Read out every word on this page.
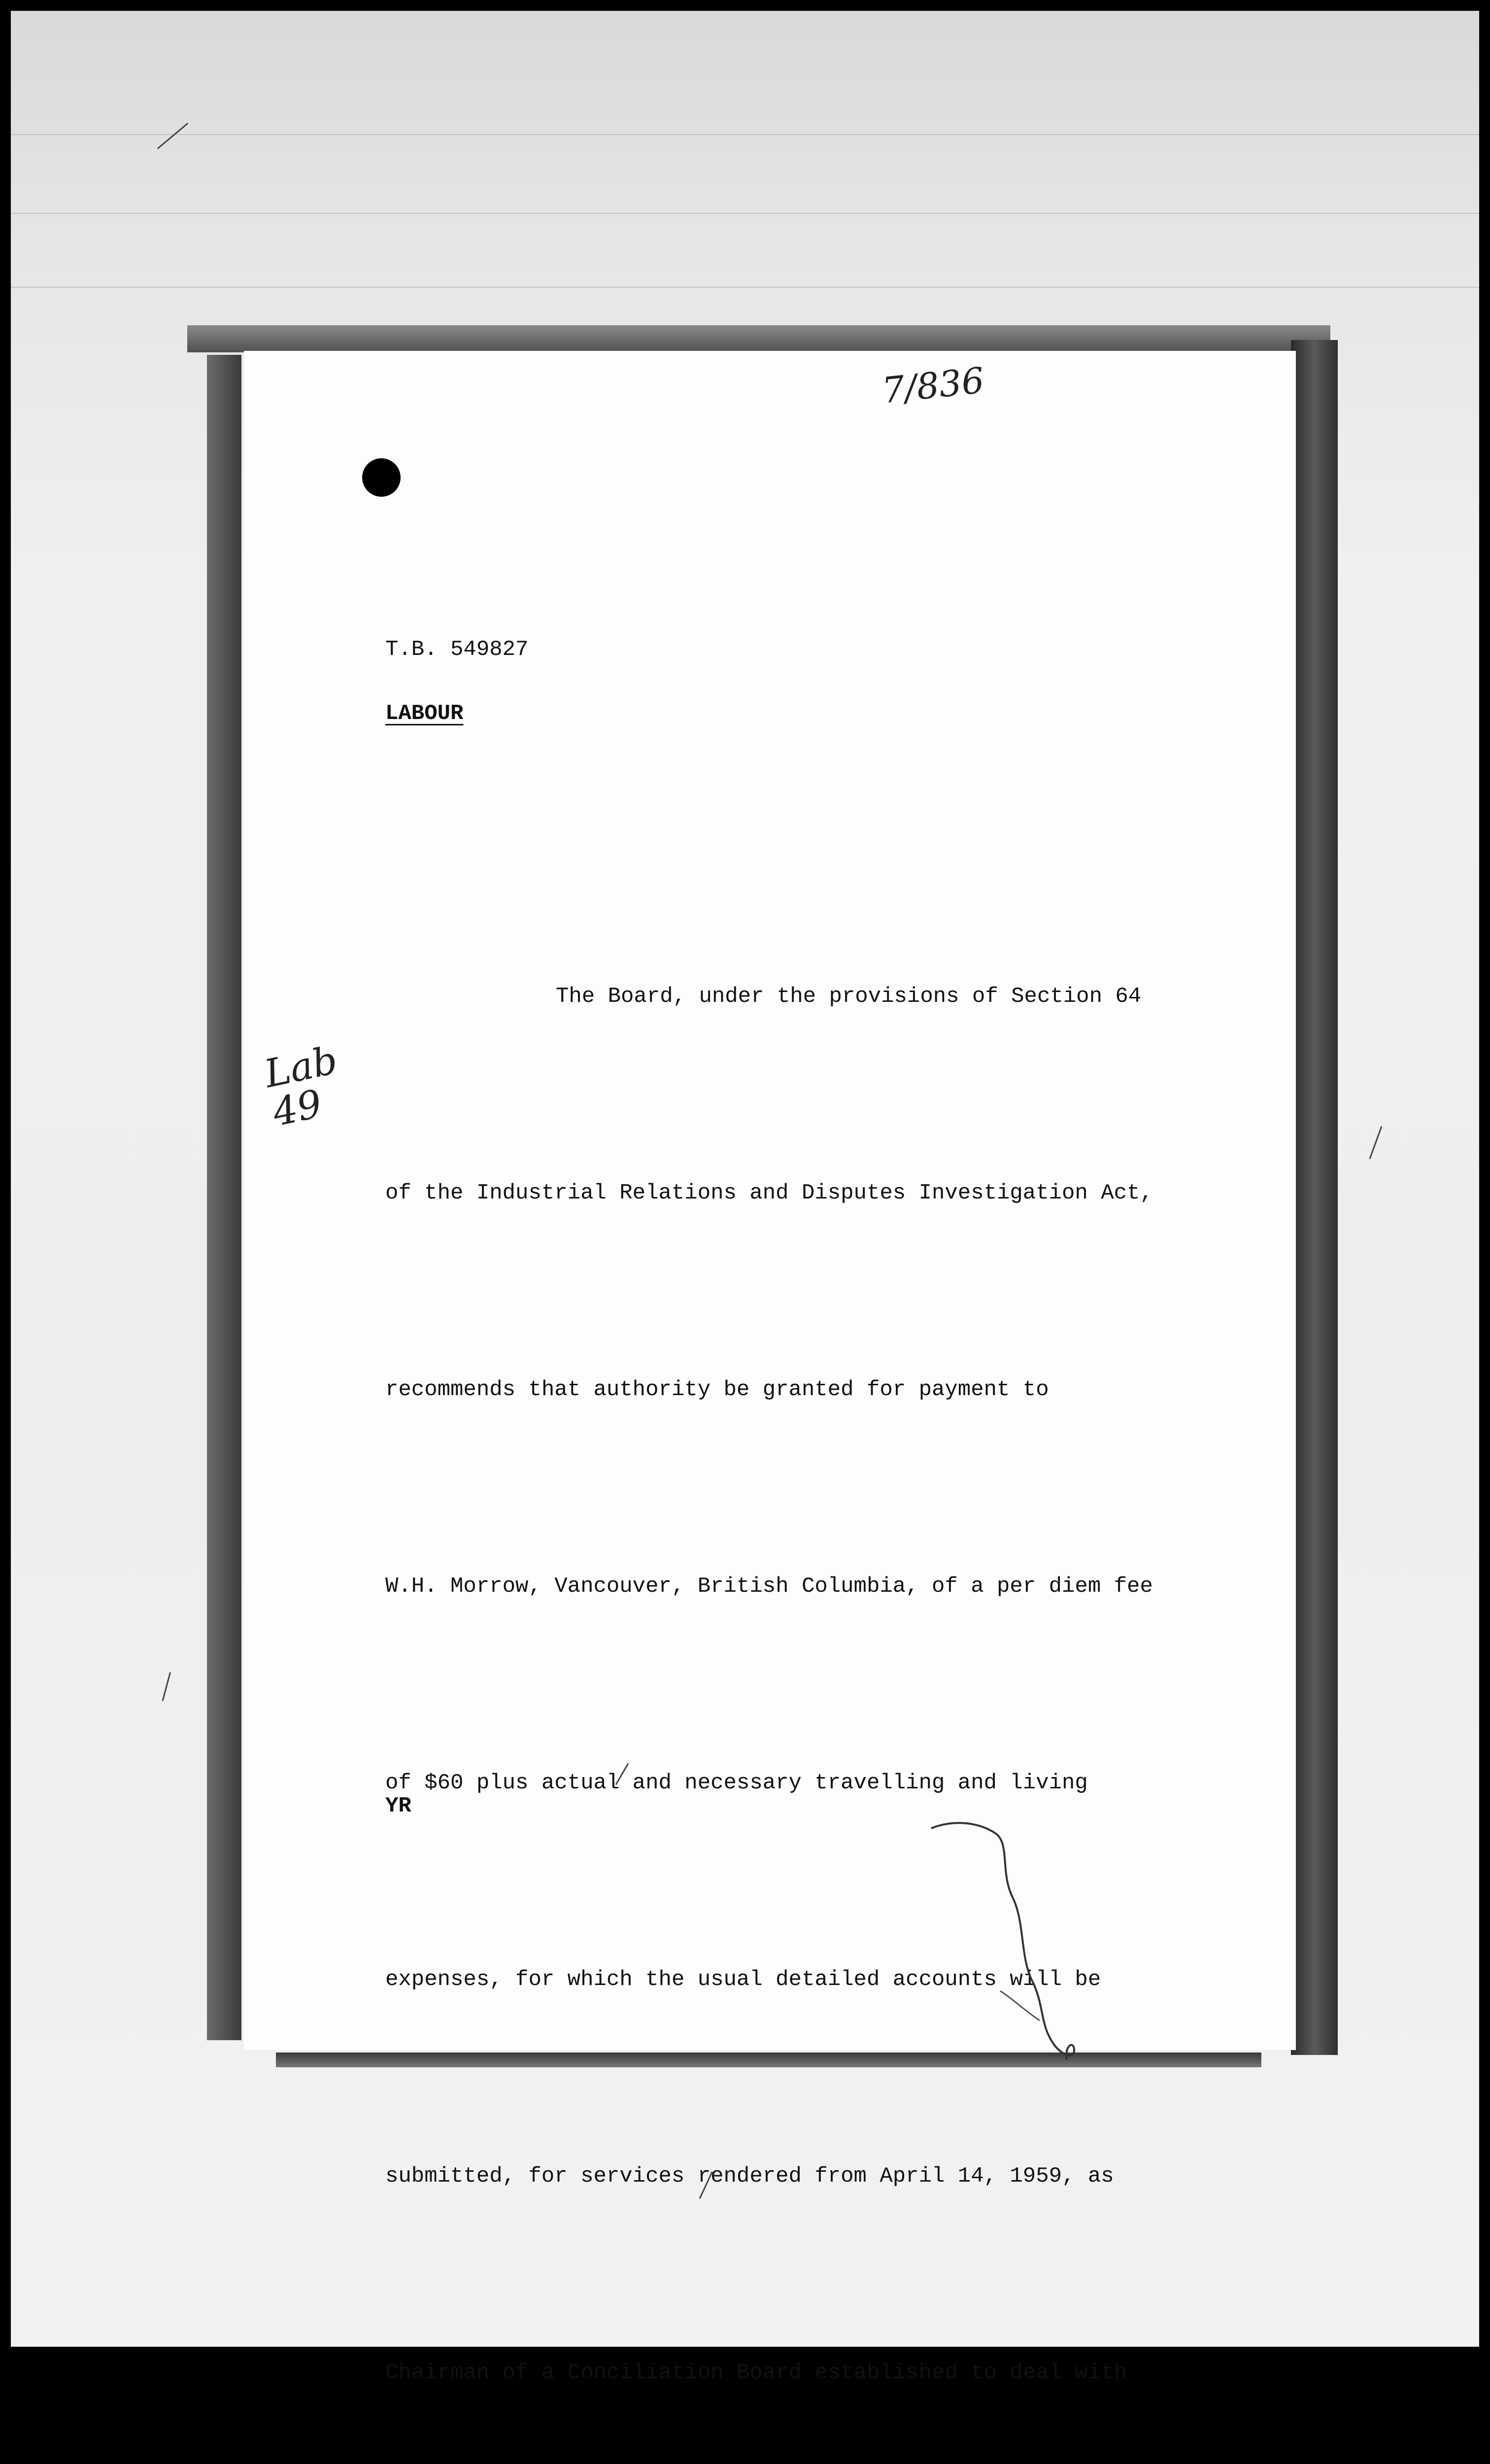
7/836
Lab
49
T.B. 549827
LABOUR

The Board, under the provisions of Section 64

of the Industrial Relations and Disputes Investigation Act,

recommends that authority be granted for payment to

W.H. Morrow, Vancouver, British Columbia, of a per diem fee

of $60 plus actual and necessary travelling and living

expenses, for which the usual detailed accounts will be

submitted, for services rendered from April 14, 1959, as

Chairman of a Conciliation Board established to deal with

YR
